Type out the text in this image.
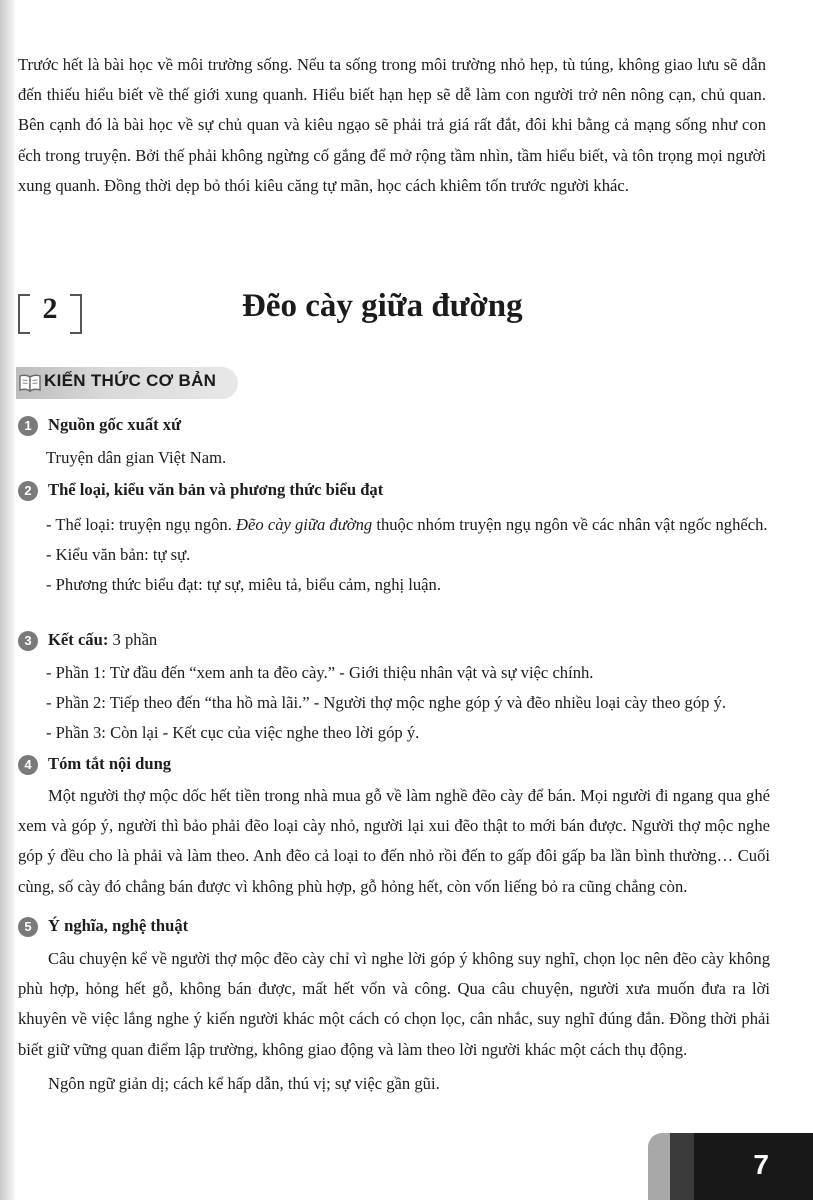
Trước hết là bài học về môi trường sống. Nếu ta sống trong môi trường nhỏ hẹp, tù túng, không giao lưu sẽ dẫn đến thiếu hiểu biết về thế giới xung quanh. Hiểu biết hạn hẹp sẽ dễ làm con người trở nên nông cạn, chủ quan. Bên cạnh đó là bài học về sự chủ quan và kiêu ngạo sẽ phải trả giá rất đắt, đôi khi bằng cả mạng sống như con ếch trong truyện. Bởi thế phải không ngừng cố gắng để mở rộng tầm nhìn, tầm hiểu biết, và tôn trọng mọi người xung quanh. Đồng thời dẹp bỏ thói kiêu căng tự mãn, học cách khiêm tốn trước người khác.

2	Đẽo cày giữa đường
KIẾN THỨC CƠ BẢN
1 Nguồn gốc xuất xứ

Truyện dân gian Việt Nam.

2 Thể loại, kiểu văn bản và phương thức biểu đạt

- Thể loại: truyện ngụ ngôn. Đẽo cày giữa đường thuộc nhóm truyện ngụ ngôn về các nhân vật ngốc nghếch.

- Kiểu văn bản: tự sự.

- Phương thức biểu đạt: tự sự, miêu tả, biểu cảm, nghị luận.

3 Kết cấu: 3 phần

- Phần 1: Từ đầu đến “xem anh ta đẽo cày.” - Giới thiệu nhân vật và sự việc chính.

- Phần 2: Tiếp theo đến “tha hồ mà lãi.” - Người thợ mộc nghe góp ý và đẽo nhiều loại cày theo góp ý.

- Phần 3: Còn lại - Kết cục của việc nghe theo lời góp ý.

4 Tóm tắt nội dung

Một người thợ mộc dốc hết tiền trong nhà mua gỗ về làm nghề đẽo cày để bán. Mọi người đi ngang qua ghé xem và góp ý, người thì bảo phải đẽo loại cày nhỏ, người lại xui đẽo thật to mới bán được. Người thợ mộc nghe góp ý đều cho là phải và làm theo. Anh đẽo cả loại to đến nhỏ rồi đến to gấp đôi gấp ba lần bình thường… Cuối cùng, số cày đó chẳng bán được vì không phù hợp, gỗ hỏng hết, còn vốn liếng bỏ ra cũng chẳng còn.

5 Ý nghĩa, nghệ thuật

Câu chuyện kể về người thợ mộc đẽo cày chỉ vì nghe lời góp ý không suy nghĩ, chọn lọc nên đẽo cày không phù hợp, hỏng hết gỗ, không bán được, mất hết vốn và công. Qua câu chuyện, người xưa muốn đưa ra lời khuyên về việc lắng nghe ý kiến người khác một cách có chọn lọc, cân nhắc, suy nghĩ đúng đắn. Đồng thời phải biết giữ vững quan điểm lập trường, không giao động và làm theo lời người khác một cách thụ động.

Ngôn ngữ giản dị; cách kể hấp dẫn, thú vị; sự việc gần gũi.

7
